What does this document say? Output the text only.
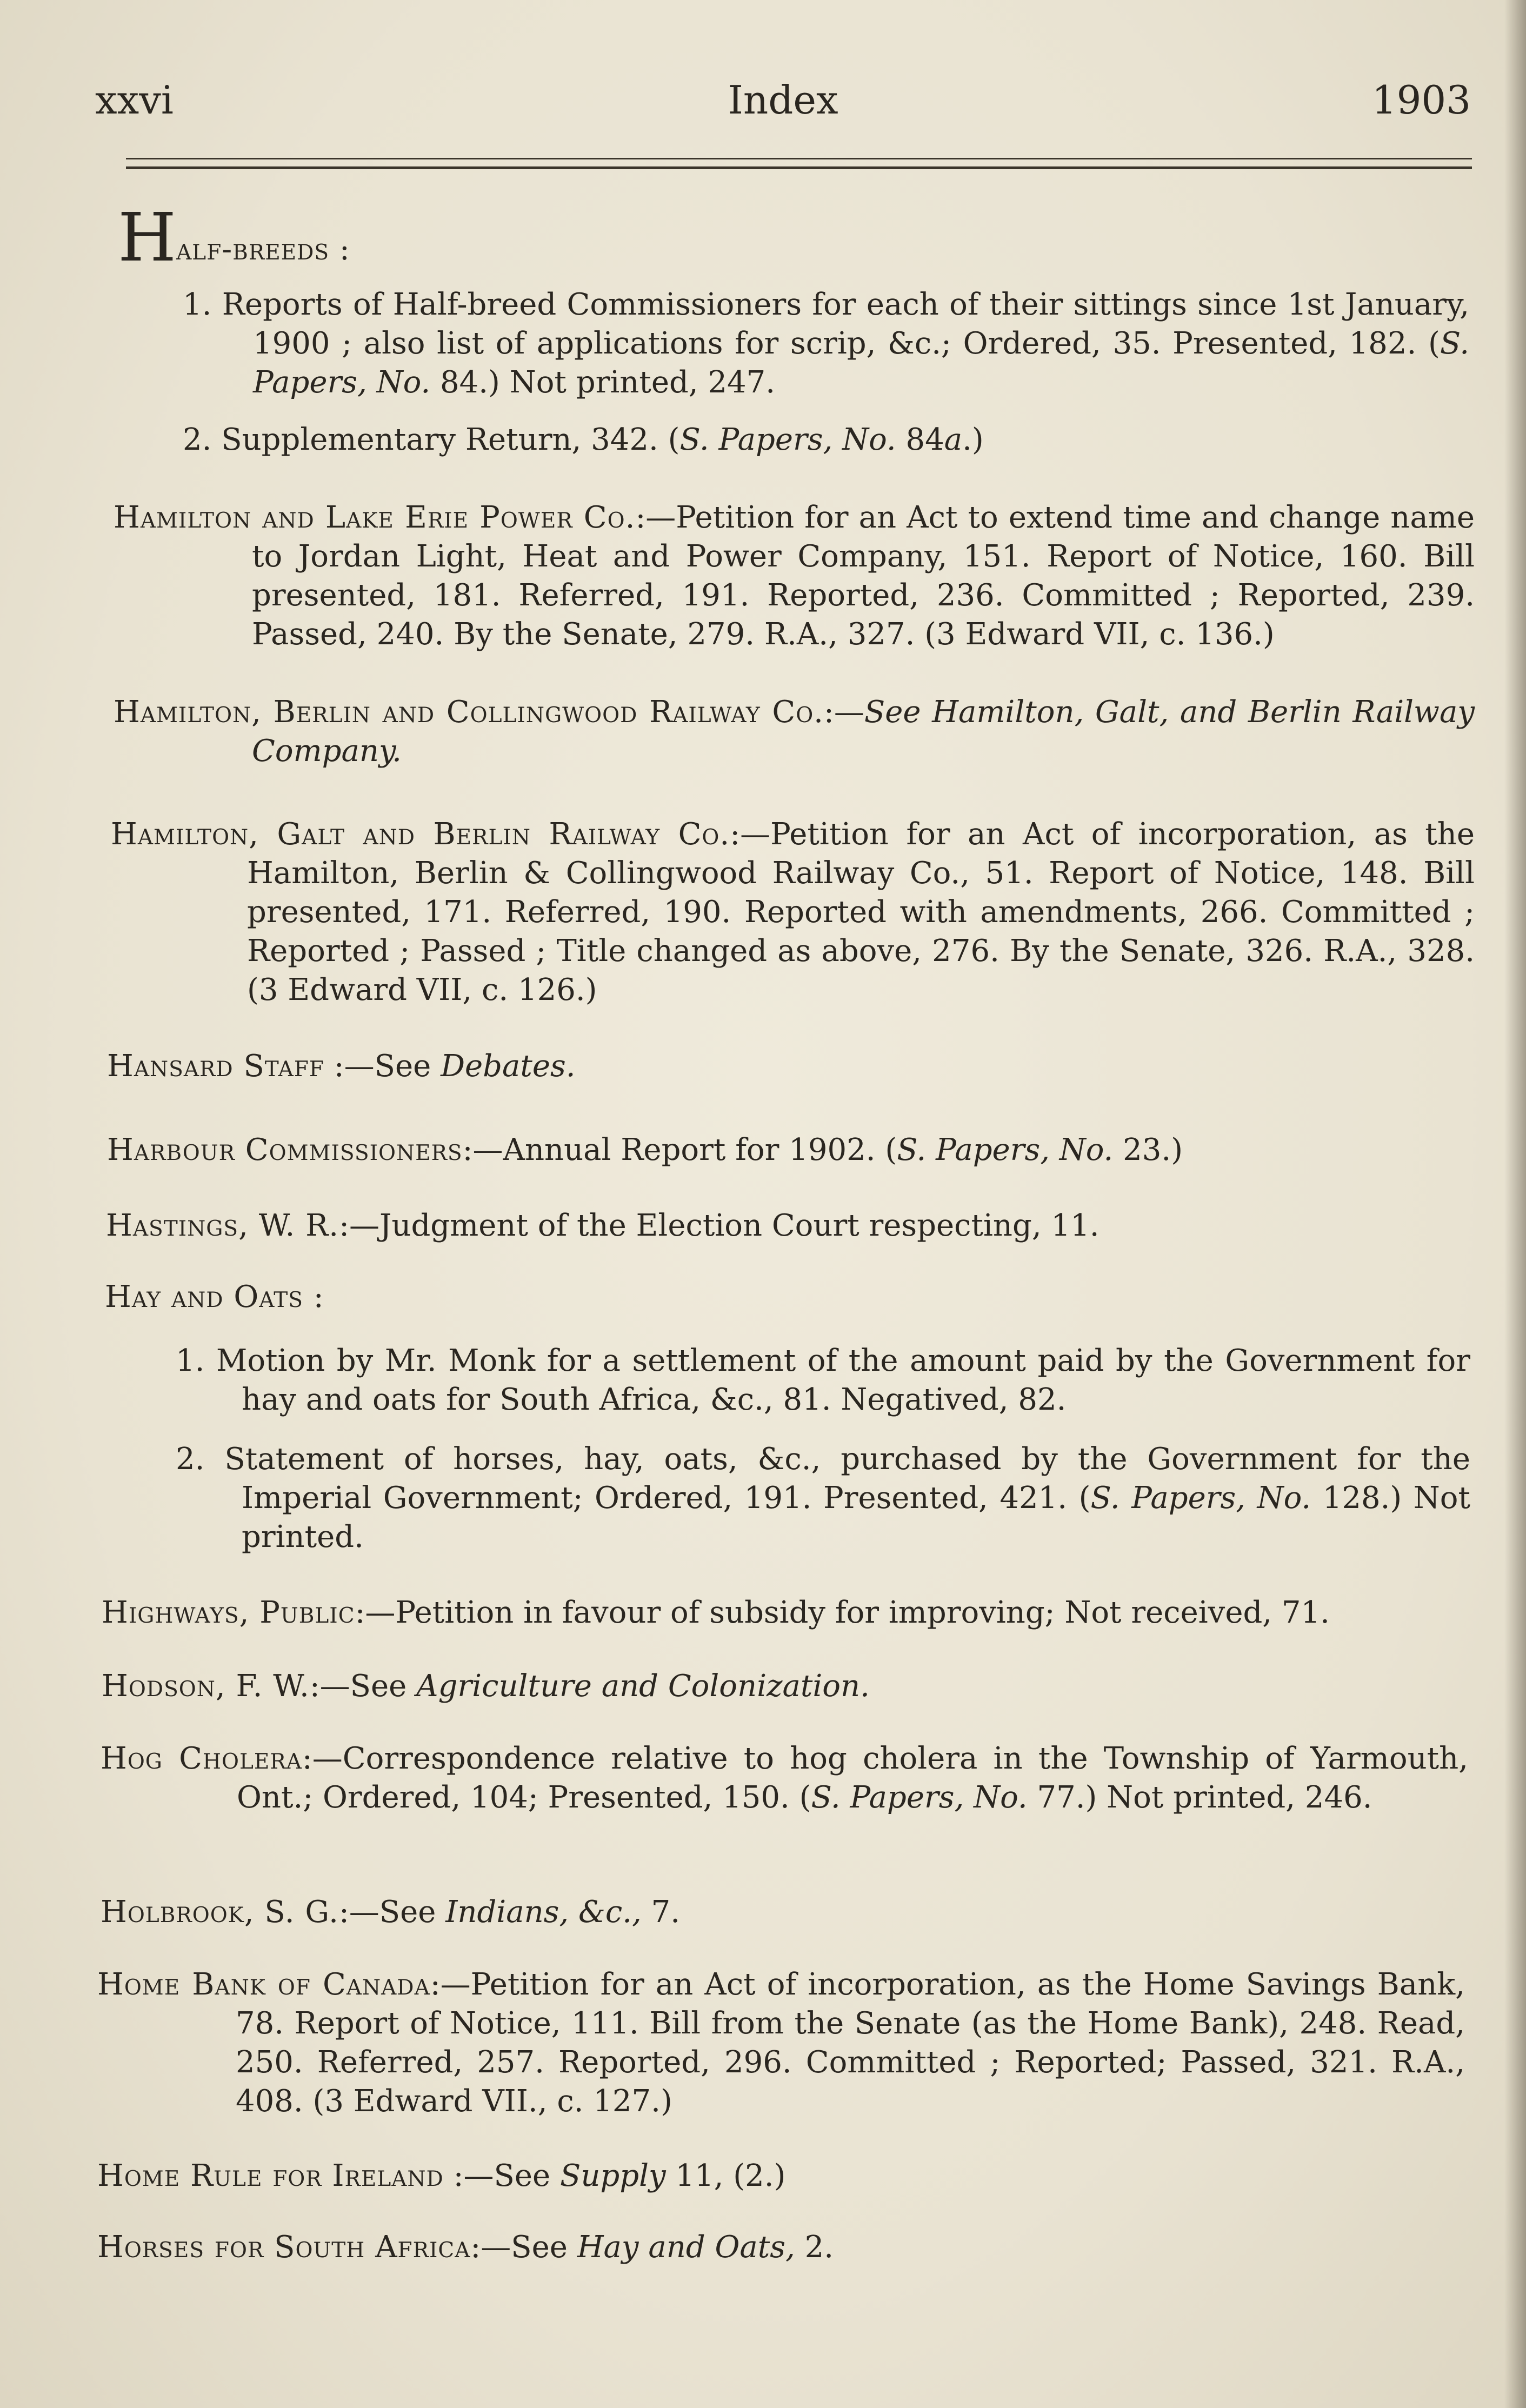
xxvi	Index	1903

Half-breeds :

1. Reports of Half-breed Commissioners for each of their sittings since 1st January, 1900 ; also list of applications for scrip, &c.; Ordered, 35. Presented, 182. (S. Papers, No. 84.) Not printed, 247.
2. Supplementary Return, 342. (S. Papers, No. 84a.)
Hamilton and Lake Erie Power Co.:—Petition for an Act to extend time and change name to Jordan Light, Heat and Power Company, 151. Report of Notice, 160. Bill presented, 181. Referred, 191. Reported, 236. Committed ; Reported, 239. Passed, 240. By the Senate, 279. R.A., 327. (3 Edward VII, c. 136.)
Hamilton, Berlin and Collingwood Railway Co.:—See Hamilton, Galt, and Berlin Railway Company.
Hamilton, Galt and Berlin Railway Co.:—Petition for an Act of incorporation, as the Hamilton, Berlin & Collingwood Railway Co., 51. Report of Notice, 148. Bill presented, 171. Referred, 190. Reported with amendments, 266. Committed ; Reported ; Passed ; Title changed as above, 276. By the Senate, 326. R.A., 328. (3 Edward VII, c. 126.)
Hansard Staff :—See Debates.
Harbour Commissioners:—Annual Report for 1902. (S. Papers, No. 23.)
Hastings, W. R.:—Judgment of the Election Court respecting, 11.
Hay and Oats :
1. Motion by Mr. Monk for a settlement of the amount paid by the Government for hay and oats for South Africa, &c., 81. Negatived, 82.
2. Statement of horses, hay, oats, &c., purchased by the Government for the Imperial Government; Ordered, 191. Presented, 421. (S. Papers, No. 128.) Not printed.
Highways, Public:—Petition in favour of subsidy for improving; Not received, 71.
Hodson, F. W.:—See Agriculture and Colonization.
Hog Cholera:—Correspondence relative to hog cholera in the Township of Yarmouth, Ont.; Ordered, 104; Presented, 150. (S. Papers, No. 77.) Not printed, 246.
Holbrook, S. G.:—See Indians, &c., 7.
Home Bank of Canada:—Petition for an Act of incorporation, as the Home Savings Bank, 78. Report of Notice, 111. Bill from the Senate (as the Home Bank), 248. Read, 250. Referred, 257. Reported, 296. Committed ; Reported; Passed, 321. R.A., 408. (3 Edward VII., c. 127.)
Home Rule for Ireland :—See Supply 11, (2.)
Horses for South Africa:—See Hay and Oats, 2.
